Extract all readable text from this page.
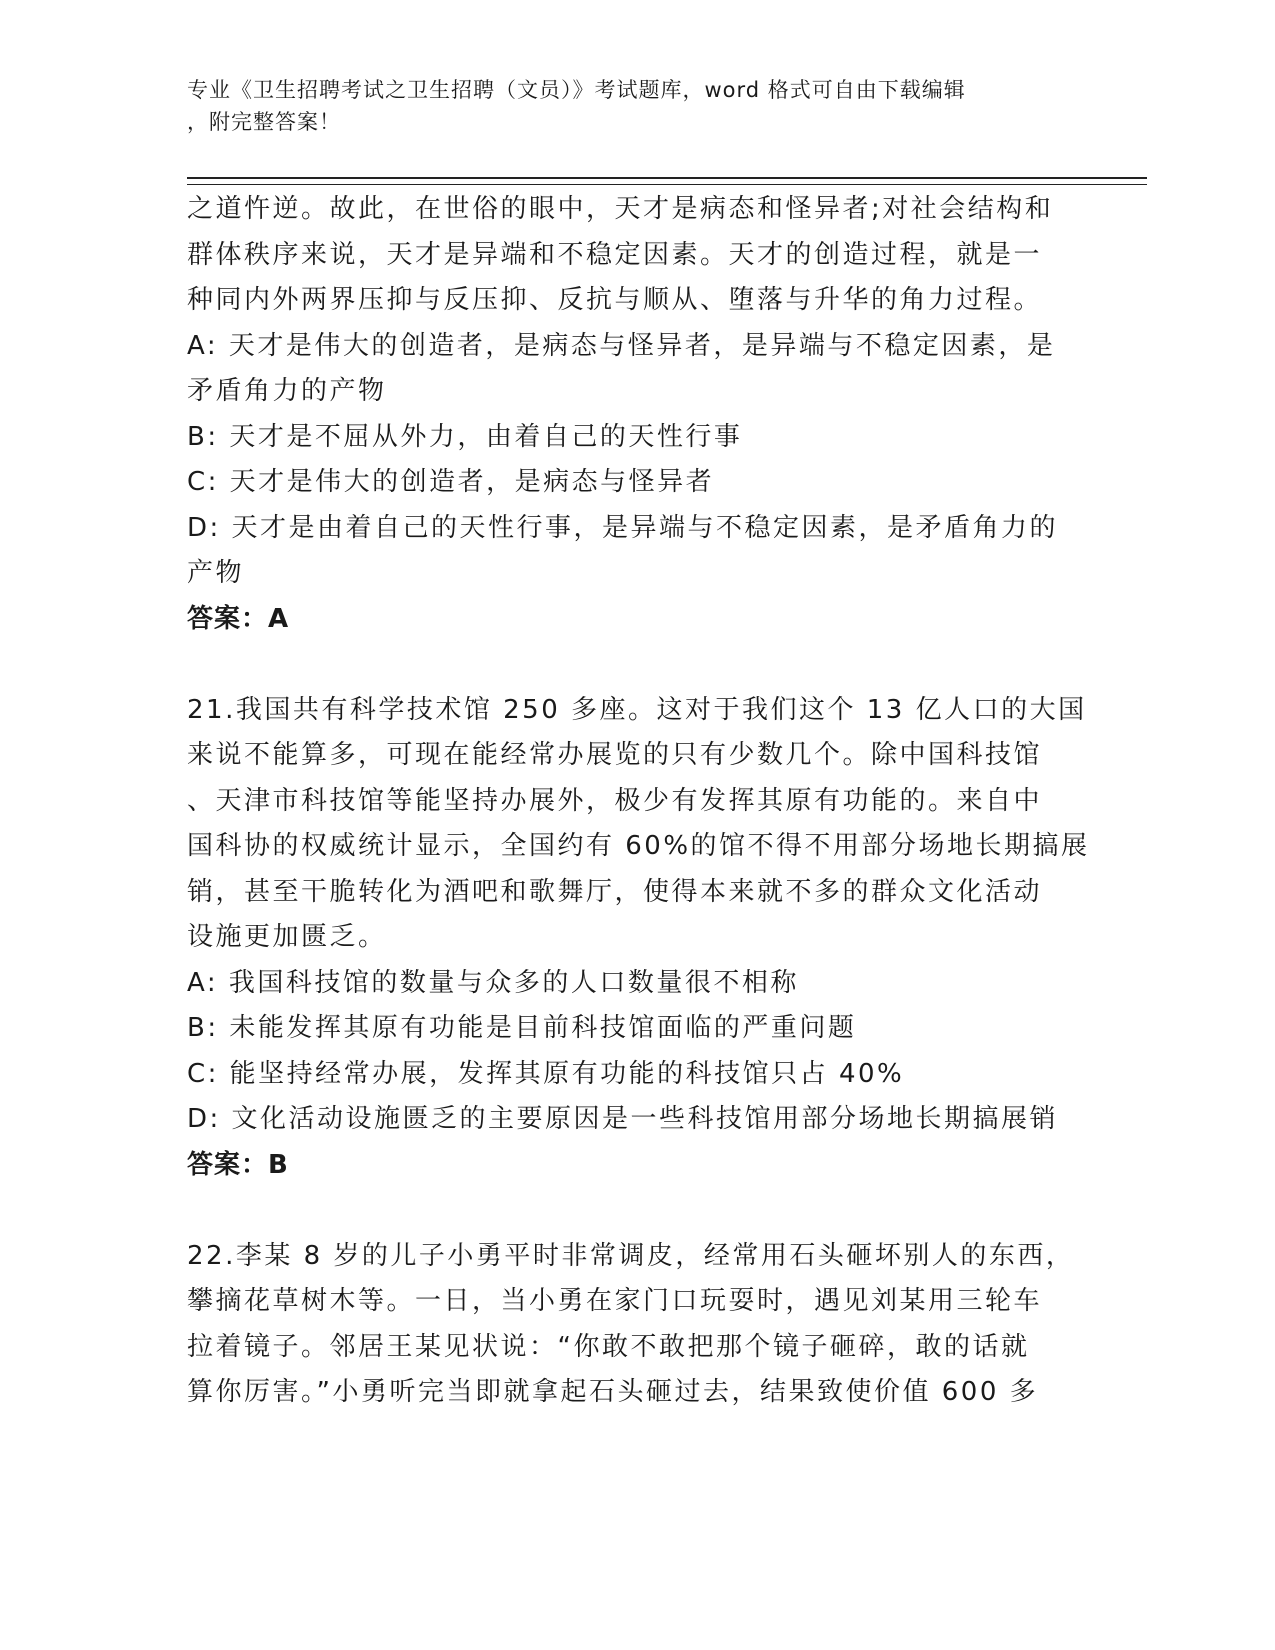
专业《卫生招聘考试之卫生招聘（文员）》考试题库，word 格式可自由下载编辑
，附完整答案！
之道忤逆。故此，在世俗的眼中，天才是病态和怪异者;对社会结构和
群体秩序来说，天才是异端和不稳定因素。天才的创造过程，就是一
种同内外两界压抑与反压抑、反抗与顺从、堕落与升华的角力过程。
A: 天才是伟大的创造者，是病态与怪异者，是异端与不稳定因素，是
矛盾角力的产物
B: 天才是不屈从外力，由着自己的天性行事
C: 天才是伟大的创造者，是病态与怪异者
D: 天才是由着自己的天性行事，是异端与不稳定因素，是矛盾角力的
产物
答案：A
21.我国共有科学技术馆 250 多座。这对于我们这个 13 亿人口的大国
来说不能算多，可现在能经常办展览的只有少数几个。除中国科技馆
、天津市科技馆等能坚持办展外，极少有发挥其原有功能的。来自中
国科协的权威统计显示，全国约有 60%的馆不得不用部分场地长期搞展
销，甚至干脆转化为酒吧和歌舞厅，使得本来就不多的群众文化活动
设施更加匮乏。
A: 我国科技馆的数量与众多的人口数量很不相称
B: 未能发挥其原有功能是目前科技馆面临的严重问题
C: 能坚持经常办展，发挥其原有功能的科技馆只占 40%
D: 文化活动设施匮乏的主要原因是一些科技馆用部分场地长期搞展销
答案：B
22.李某 8 岁的儿子小勇平时非常调皮，经常用石头砸坏别人的东西，
攀摘花草树木等。一日，当小勇在家门口玩耍时，遇见刘某用三轮车
拉着镜子。邻居王某见状说：“你敢不敢把那个镜子砸碎，敢的话就
算你厉害。”小勇听完当即就拿起石头砸过去，结果致使价值 600 多
